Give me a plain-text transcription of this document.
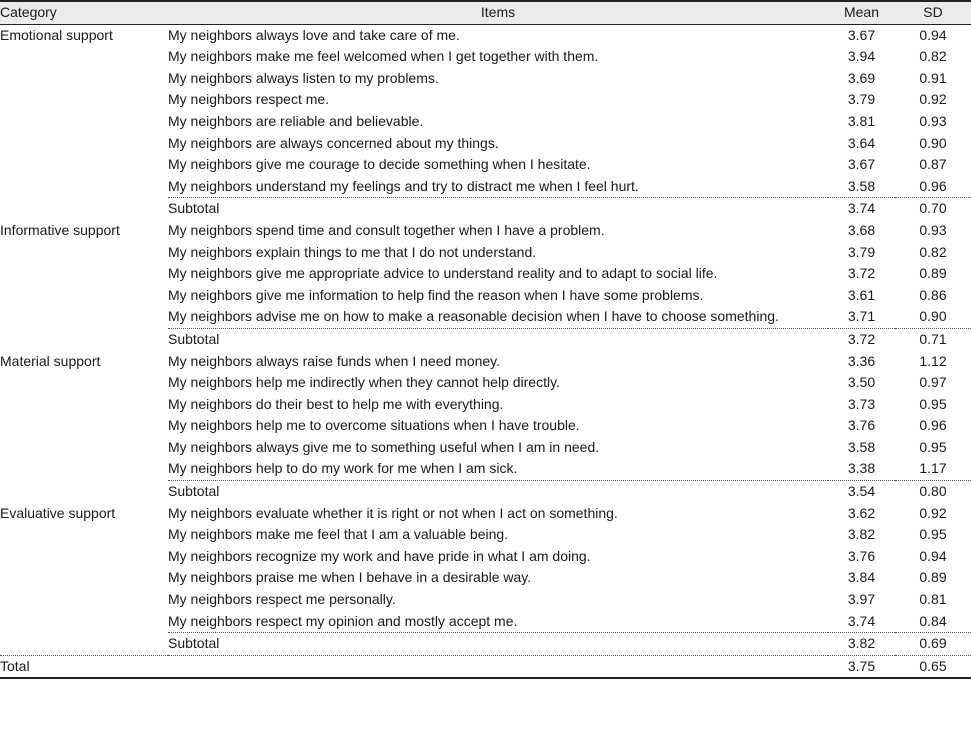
Category	Items	Mean	SD
Emotional support	My neighbors always love and take care of me.	3.67	0.94
	My neighbors make me feel welcomed when I get together with them.	3.94	0.82
	My neighbors always listen to my problems.	3.69	0.91
	My neighbors respect me.	3.79	0.92
	My neighbors are reliable and believable.	3.81	0.93
	My neighbors are always concerned about my things.	3.64	0.90
	My neighbors give me courage to decide something when I hesitate.	3.67	0.87
	My neighbors understand my feelings and try to distract me when I feel hurt.	3.58	0.96
	Subtotal	3.74	0.70
Informative support	My neighbors spend time and consult together when I have a problem.	3.68	0.93
	My neighbors explain things to me that I do not understand.	3.79	0.82
	My neighbors give me appropriate advice to understand reality and to adapt to social life.	3.72	0.89
	My neighbors give me information to help find the reason when I have some problems.	3.61	0.86
	My neighbors advise me on how to make a reasonable decision when I have to choose something.	3.71	0.90
	Subtotal	3.72	0.71
Material support	My neighbors always raise funds when I need money.	3.36	1.12
	My neighbors help me indirectly when they cannot help directly.	3.50	0.97
	My neighbors do their best to help me with everything.	3.73	0.95
	My neighbors help me to overcome situations when I have trouble.	3.76	0.96
	My neighbors always give me to something useful when I am in need.	3.58	0.95
	My neighbors help to do my work for me when I am sick.	3.38	1.17
	Subtotal	3.54	0.80
Evaluative support	My neighbors evaluate whether it is right or not when I act on something.	3.62	0.92
	My neighbors make me feel that I am a valuable being.	3.82	0.95
	My neighbors recognize my work and have pride in what I am doing.	3.76	0.94
	My neighbors praise me when I behave in a desirable way.	3.84	0.89
	My neighbors respect me personally.	3.97	0.81
	My neighbors respect my opinion and mostly accept me.	3.74	0.84
	Subtotal	3.82	0.69
Total		3.75	0.65
